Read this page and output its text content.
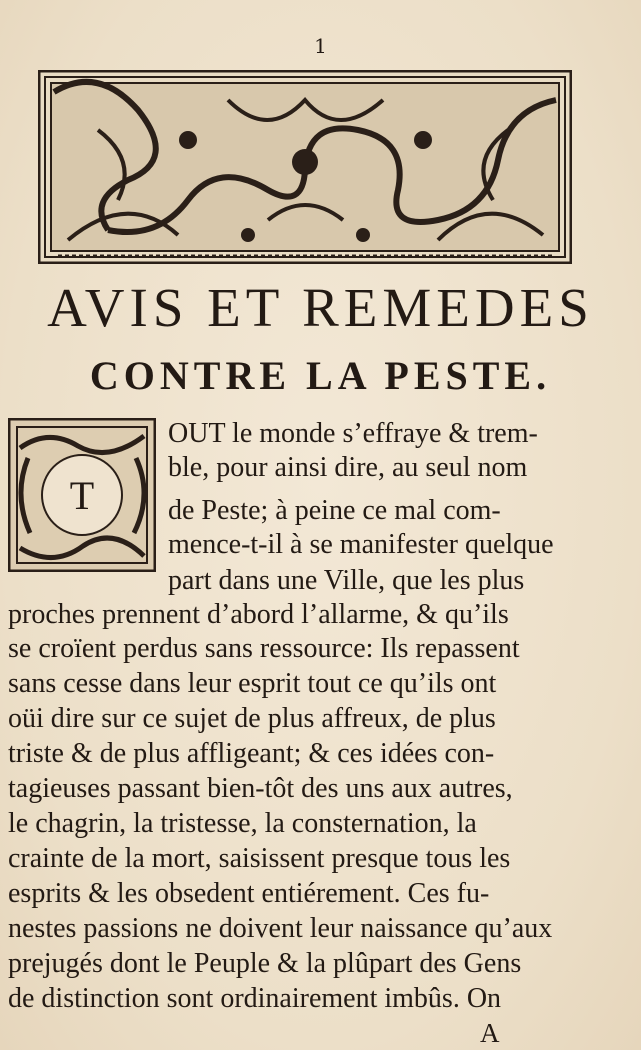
1
AVIS ET REMEDES
CONTRE LA PESTE.
T
OUT le monde s’effraye & trem-
ble, pour ainsi dire, au seul nom
de Peste; à peine ce mal com-
mence-t-il à se manifester quelque
part dans une Ville, que les plus
proches prennent d’abord l’allarme, & qu’ils
se croïent perdus sans ressource: Ils repassent
sans cesse dans leur esprit tout ce qu’ils ont
oüi dire sur ce sujet de plus affreux, de plus
triste & de plus affligeant; & ces idées con-
tagieuses passant bien-tôt des uns aux autres,
le chagrin, la tristesse, la consternation, la
crainte de la mort, saisissent presque tous les
esprits & les obsedent entiérement. Ces fu-
nestes passions ne doivent leur naissance qu’aux
prejugés dont le Peuple & la plûpart des Gens
de distinction sont ordinairement imbûs. On
A
